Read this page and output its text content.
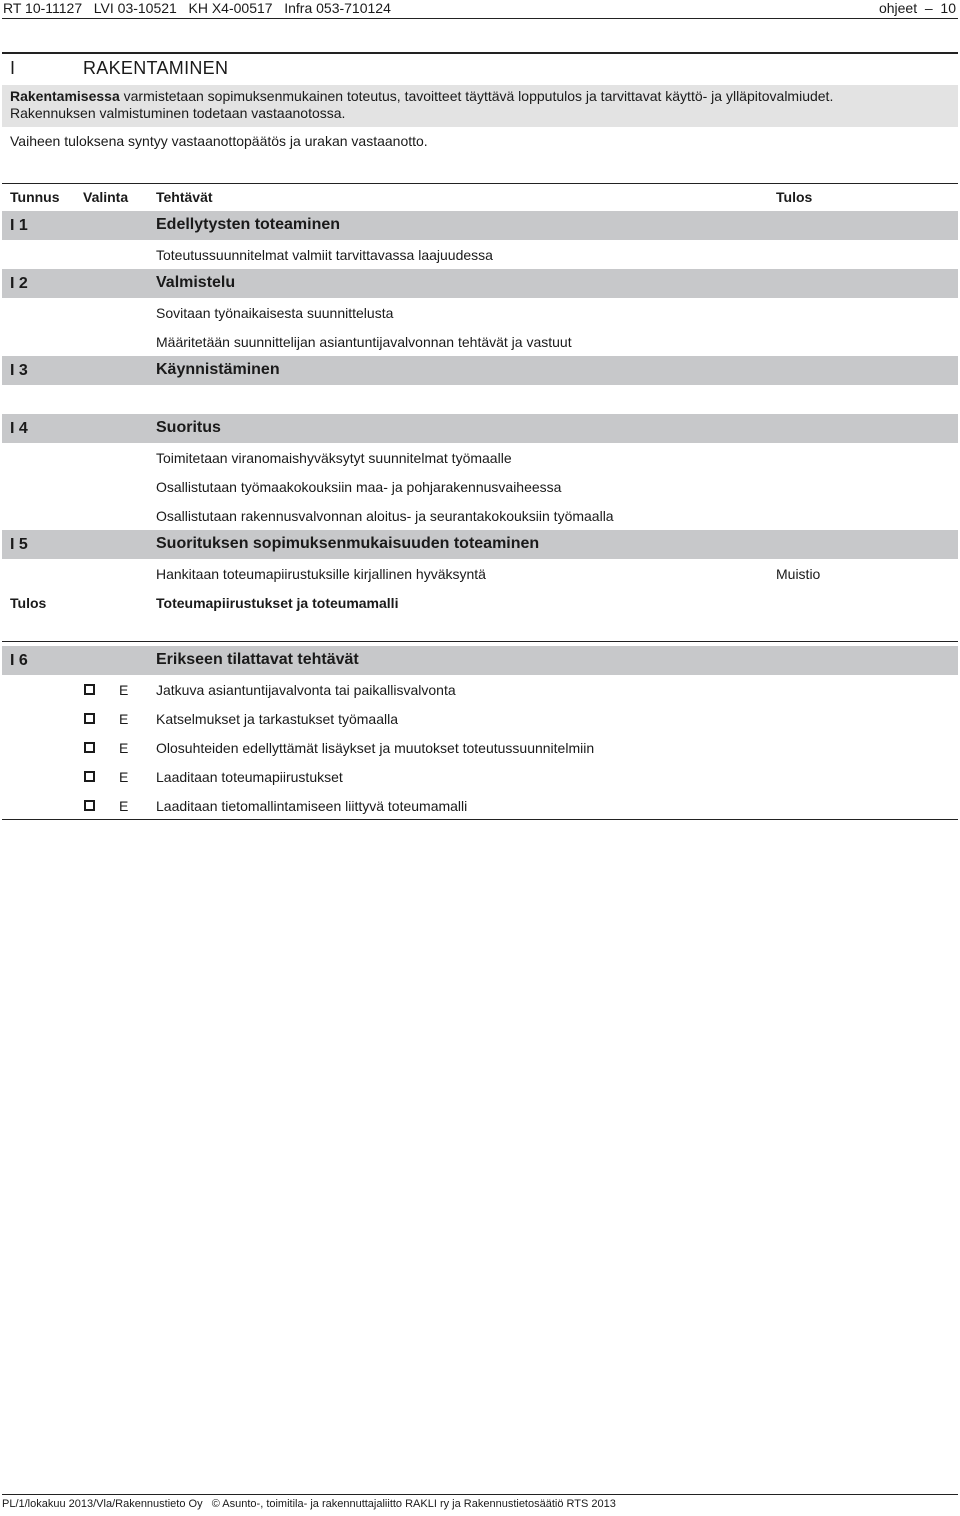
RT 10-11127   LVI 03-10521   KH X4-00517   Infra 053-710124	ohjeet  –  10
I	RAKENTAMINEN
Rakentamisessa varmistetaan sopimuksenmukainen toteutus, tavoitteet täyttävä lopputulos ja tarvittavat käyttö- ja ylläpitovalmiudet.
Rakennuksen valmistuminen todetaan vastaanotossa.
Vaiheen tuloksena syntyy vastaanottopäätös ja urakan vastaanotto.
Tunnus Valinta Tehtävät	Tulos
I 1	Edellytysten toteaminen
Toteutussuunnitelmat valmiit tarvittavassa laajuudessa
I 2	Valmistelu
Sovitaan työnaikaisesta suunnittelusta
Määritetään suunnittelijan asiantuntijavalvonnan tehtävät ja vastuut
I 3	Käynnistäminen
I 4	Suoritus
Toimitetaan viranomaishyväksytyt suunnitelmat työmaalle
Osallistutaan työmaakokouksiin maa- ja pohjarakennusvaiheessa
Osallistutaan rakennusvalvonnan aloitus- ja seurantakokouksiin työmaalla
I 5	Suorituksen sopimuksenmukaisuuden toteaminen
Hankitaan toteumapiirustuksille kirjallinen hyväksyntä	Muistio
Tulos	Toteumapiirustukset ja toteumamalli
I 6	Erikseen tilattavat tehtävät
E Jatkuva asiantuntijavalvonta tai paikallisvalvonta
E Katselmukset ja tarkastukset työmaalla
E Olosuhteiden edellyttämät lisäykset ja muutokset toteutussuunnitelmiin
E Laaditaan toteumapiirustukset
E Laaditaan tietomallintamiseen liittyvä toteumamalli
PL/1/lokakuu 2013/Vla/Rakennustieto Oy   © Asunto-, toimitila- ja rakennuttajaliitto RAKLI ry ja Rakennustietosäätiö RTS 2013
